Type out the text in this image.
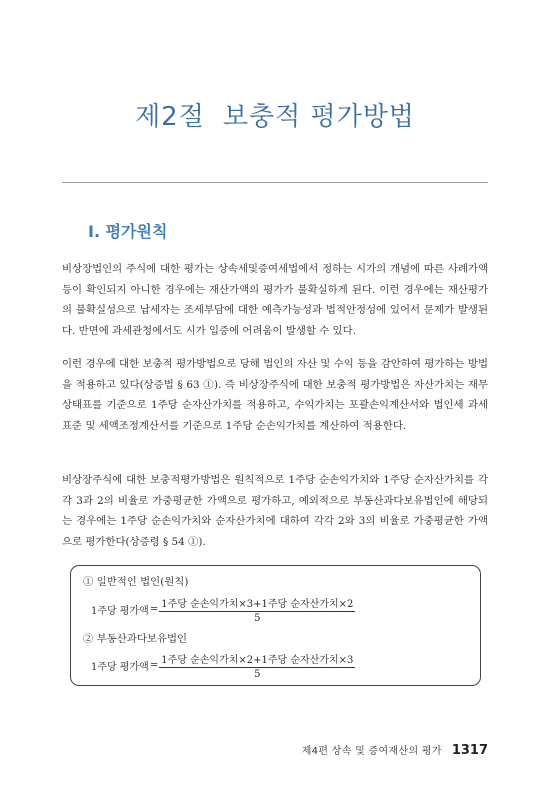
제2절 보충적 평가방법
Ⅰ. 평가원칙

비상장법인의 주식에 대한 평가는 상속세및증여세법에서 정하는 시가의 개념에 따른 사례가액 등이 확인되지 아니한 경우에는 재산가액의 평가가 불확실하게 된다. 이런 경우에는 재산평가의 불확실성으로 납세자는 조세부담에 대한 예측가능성과 법적안정성에 있어서 문제가 발생된다. 반면에 과세관청에서도 시가 입증에 어려움이 발생할 수 있다.

이런 경우에 대한 보충적 평가방법으로 당해 법인의 자산 및 수익 등을 감안하여 평가하는 방법을 적용하고 있다(상증법 § 63 ①). 즉 비상장주식에 대한 보충적 평가방법은 자산가치는 재무상태표를 기준으로 1주당 순자산가치를 적용하고, 수익가치는 포괄손익계산서와 법인세 과세표준 및 세액조정계산서를 기준으로 1주당 순손익가치를 계산하여 적용한다.

비상장주식에 대한 보충적평가방법은 원칙적으로 1주당 순손익가치와 1주당 순자산가치를 각각 3과 2의 비율로 가중평균한 가액으로 평가하고, 예외적으로 부동산과다보유법인에 해당되는 경우에는 1주당 순손익가치와 순자산가치에 대하여 각각 2와 3의 비율로 가중평균한 가액으로 평가한다(상증령 § 54 ①).

① 일반적인 법인(원칙)
1주당 평가액 = $\frac{\text{1주당 순손익가치×3+1주당 순자산가치×2}}{5}$
② 부동산과다보유법인
1주당 평가액 = $\frac{\text{1주당 순손익가치×2+1주당 순자산가치×3}}{5}$
제4편 상속 및 증여재산의 평가 1317
